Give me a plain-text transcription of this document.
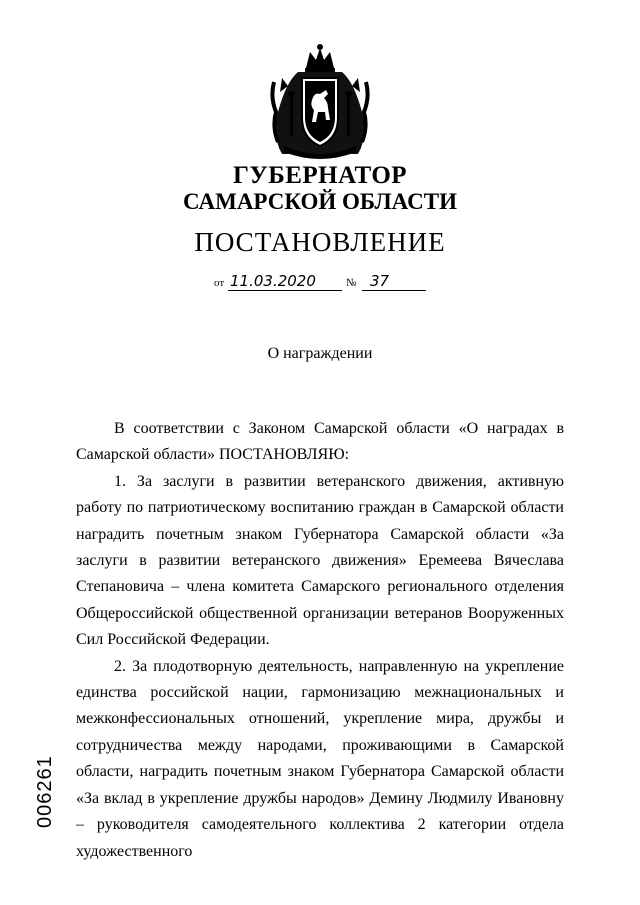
ГУБЕРНАТОР
САМАРСКОЙ ОБЛАСТИ
ПОСТАНОВЛЕНИЕ
от 11.03.2020	№ 37
О награждении

В соответствии с Законом Самарской области «О наградах в Самарской области» ПОСТАНОВЛЯЮ:

1. За заслуги в развитии ветеранского движения, активную работу по патриотическому воспитанию граждан в Самарской области наградить почетным знаком Губернатора Самарской области «За заслуги в развитии ветеранского движения» Еремеева Вячеслава Степановича – члена комитета Самарского регионального отделения Общероссийской общественной организации ветеранов Вооруженных Сил Российской Федерации.

2. За плодотворную деятельность, направленную на укрепление единства российской нации, гармонизацию межнациональных и межконфессиональных отношений, укрепление мира, дружбы и сотрудничества между народами, проживающими в Самарской области, наградить почетным знаком Губернатора Самарской области «За вклад в укрепление дружбы народов» Демину Людмилу Ивановну – руководителя самодеятельного коллектива 2 категории отдела художественного

006261
